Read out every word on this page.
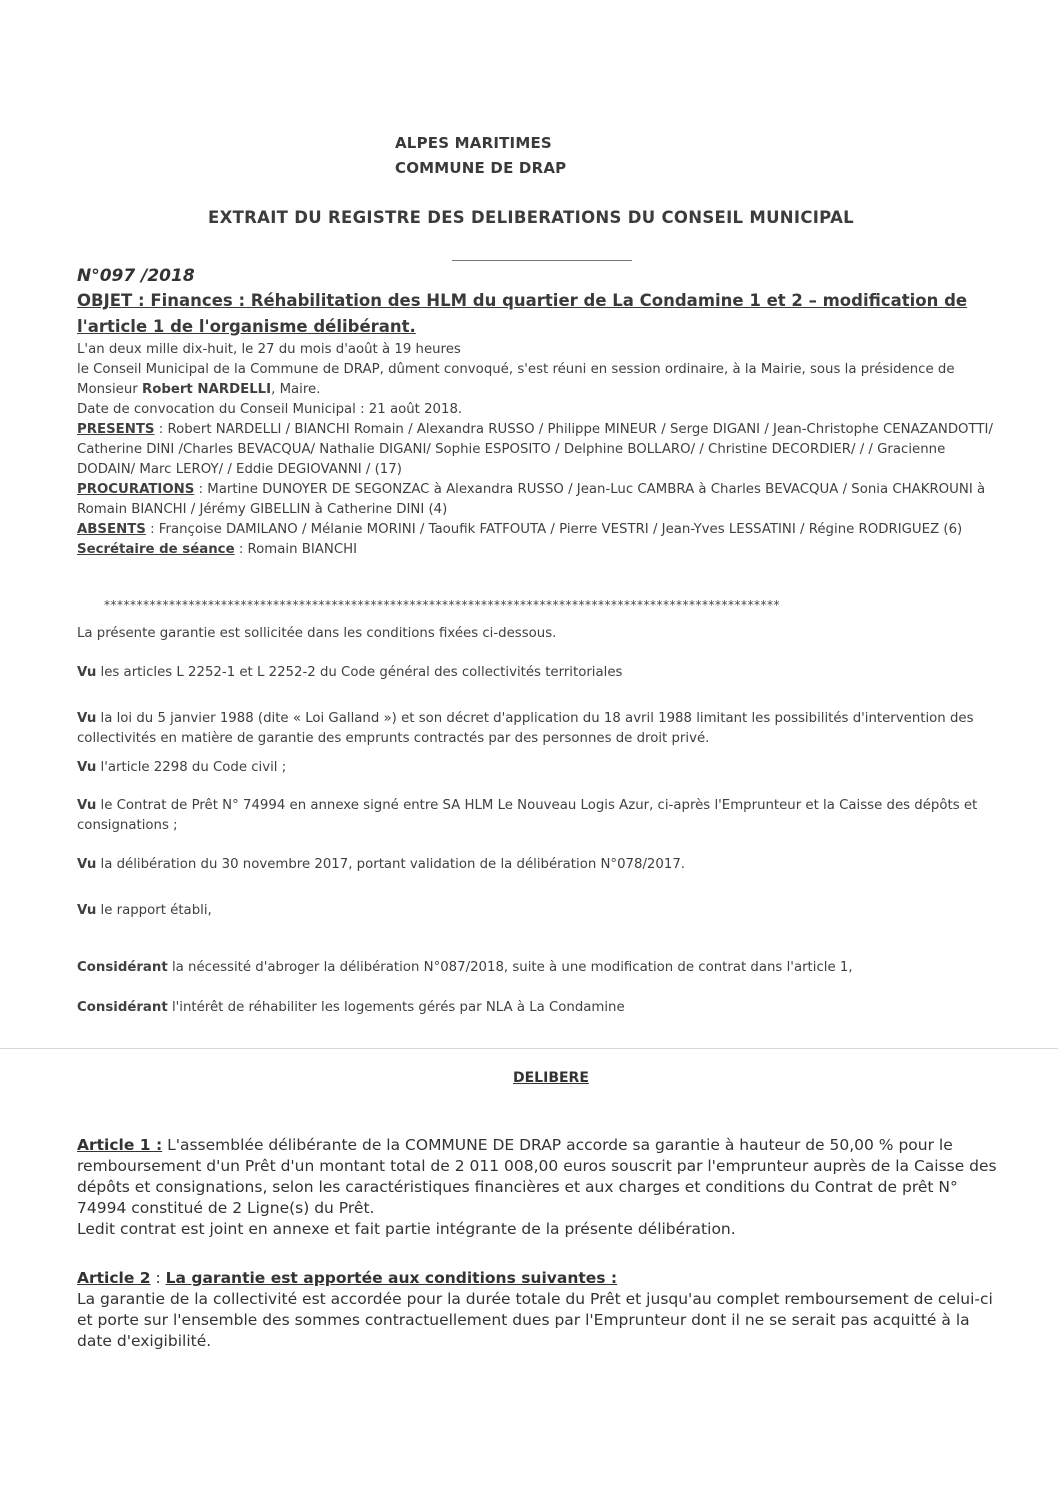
ALPES MARITIMES
COMMUNE DE DRAP
EXTRAIT DU REGISTRE DES DELIBERATIONS DU CONSEIL MUNICIPAL
N°097 /2018
OBJET : Finances : Réhabilitation des HLM du quartier de La Condamine 1 et 2 – modification de
l'article 1 de l'organisme délibérant.
L'an deux mille dix-huit, le 27 du mois d'août à 19 heures
le Conseil Municipal de la Commune de DRAP, dûment convoqué, s'est réuni en session ordinaire, à la Mairie, sous la présidence de Monsieur Robert NARDELLI, Maire.
Date de convocation du Conseil Municipal : 21 août 2018.
PRESENTS : Robert NARDELLI / BIANCHI Romain / Alexandra RUSSO / Philippe MINEUR / Serge DIGANI / Jean-Christophe CENAZANDOTTI/ Catherine DINI /Charles BEVACQUA/ Nathalie DIGANI/ Sophie ESPOSITO / Delphine BOLLARO/ / Christine DECORDIER/ / / Gracienne DODAIN/ Marc LEROY/ / Eddie DEGIOVANNI / (17)
PROCURATIONS : Martine DUNOYER DE SEGONZAC à Alexandra RUSSO / Jean-Luc CAMBRA à Charles BEVACQUA / Sonia CHAKROUNI à Romain BIANCHI / Jérémy GIBELLIN à Catherine DINI (4)
ABSENTS : Françoise DAMILANO / Mélanie MORINI / Taoufik FATFOUTA / Pierre VESTRI / Jean-Yves LESSATINI / Régine RODRIGUEZ (6)
Secrétaire de séance : Romain BIANCHI
********************************************************************************************************
La présente garantie est sollicitée dans les conditions fixées ci-dessous.
Vu les articles L 2252-1 et L 2252-2 du Code général des collectivités territoriales
Vu la loi du 5 janvier 1988 (dite « Loi Galland ») et son décret d'application du 18 avril 1988 limitant les possibilités d'intervention des collectivités en matière de garantie des emprunts contractés par des personnes de droit privé.
Vu l'article 2298 du Code civil ;
Vu le Contrat de Prêt N° 74994 en annexe signé entre SA HLM Le Nouveau Logis Azur, ci-après l'Emprunteur et la Caisse des dépôts et consignations ;
Vu la délibération du 30 novembre 2017, portant validation de la délibération N°078/2017.
Vu le rapport établi,
Considérant la nécessité d'abroger la délibération N°087/2018, suite à une modification de contrat dans l'article 1,
Considérant l'intérêt de réhabiliter les logements gérés par NLA à La Condamine
DELIBERE
Article 1 : L'assemblée délibérante de la COMMUNE DE DRAP accorde sa garantie à hauteur de 50,00 % pour le remboursement d'un Prêt d'un montant total de 2 011 008,00 euros souscrit par l'emprunteur auprès de la Caisse des dépôts et consignations, selon les caractéristiques financières et aux charges et conditions du Contrat de prêt N° 74994 constitué de 2 Ligne(s) du Prêt.
Ledit contrat est joint en annexe et fait partie intégrante de la présente délibération.
Article 2 : La garantie est apportée aux conditions suivantes :
La garantie de la collectivité est accordée pour la durée totale du Prêt et jusqu'au complet remboursement de celui-ci et porte sur l'ensemble des sommes contractuellement dues par l'Emprunteur dont il ne se serait pas acquitté à la date d'exigibilité.
